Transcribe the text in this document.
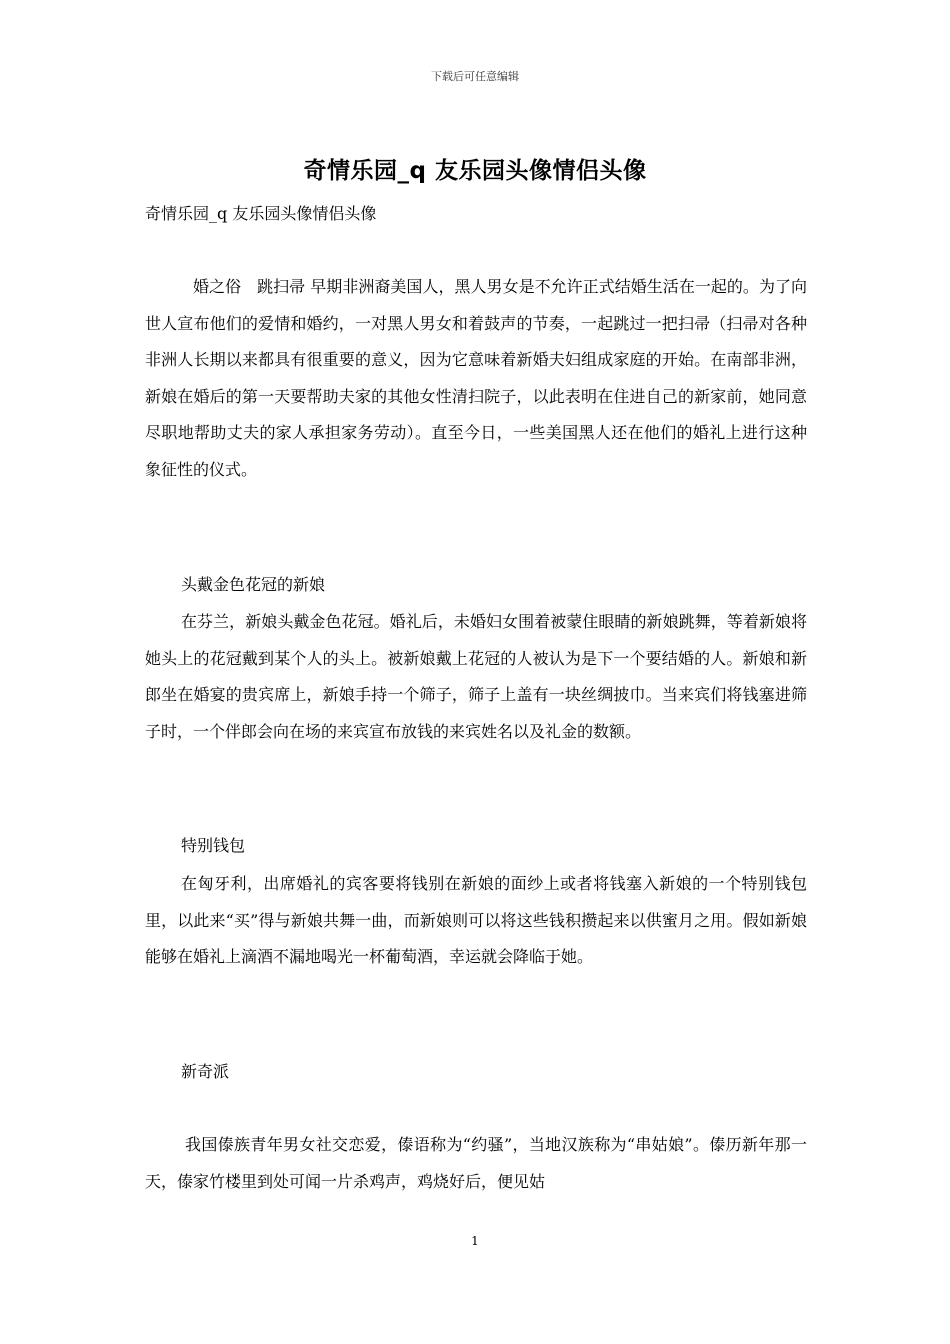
下载后可任意编辑
奇情乐园_q 友乐园头像情侣头像
奇情乐园_q 友乐园头像情侣头像

婚之俗　跳扫帚 早期非洲裔美国人，黑人男女是不允许正式结婚生活在一起的。为了向世人宣布他们的爱情和婚约，一对黑人男女和着鼓声的节奏，一起跳过一把扫帚（扫帚对各种非洲人长期以来都具有很重要的意义，因为它意味着新婚夫妇组成家庭的开始。在南部非洲，新娘在婚后的第一天要帮助夫家的其他女性清扫院子，以此表明在住进自己的新家前，她同意尽职地帮助丈夫的家人承担家务劳动）。直至今日，一些美国黑人还在他们的婚礼上进行这种象征性的仪式。

头戴金色花冠的新娘

在芬兰，新娘头戴金色花冠。婚礼后，未婚妇女围着被蒙住眼睛的新娘跳舞，等着新娘将她头上的花冠戴到某个人的头上。被新娘戴上花冠的人被认为是下一个要结婚的人。新娘和新郎坐在婚宴的贵宾席上，新娘手持一个筛子，筛子上盖有一块丝绸披巾。当来宾们将钱塞进筛子时，一个伴郎会向在场的来宾宣布放钱的来宾姓名以及礼金的数额。

特别钱包

在匈牙利，出席婚礼的宾客要将钱别在新娘的面纱上或者将钱塞入新娘的一个特别钱包里，以此来“买”得与新娘共舞一曲，而新娘则可以将这些钱积攒起来以供蜜月之用。假如新娘能够在婚礼上滴酒不漏地喝光一杯葡萄酒，幸运就会降临于她。

新奇派

我国傣族青年男女社交恋爱，傣语称为“约骚”，当地汉族称为“串姑娘”。傣历新年那一天，傣家竹楼里到处可闻一片杀鸡声，鸡烧好后，便见姑

1
